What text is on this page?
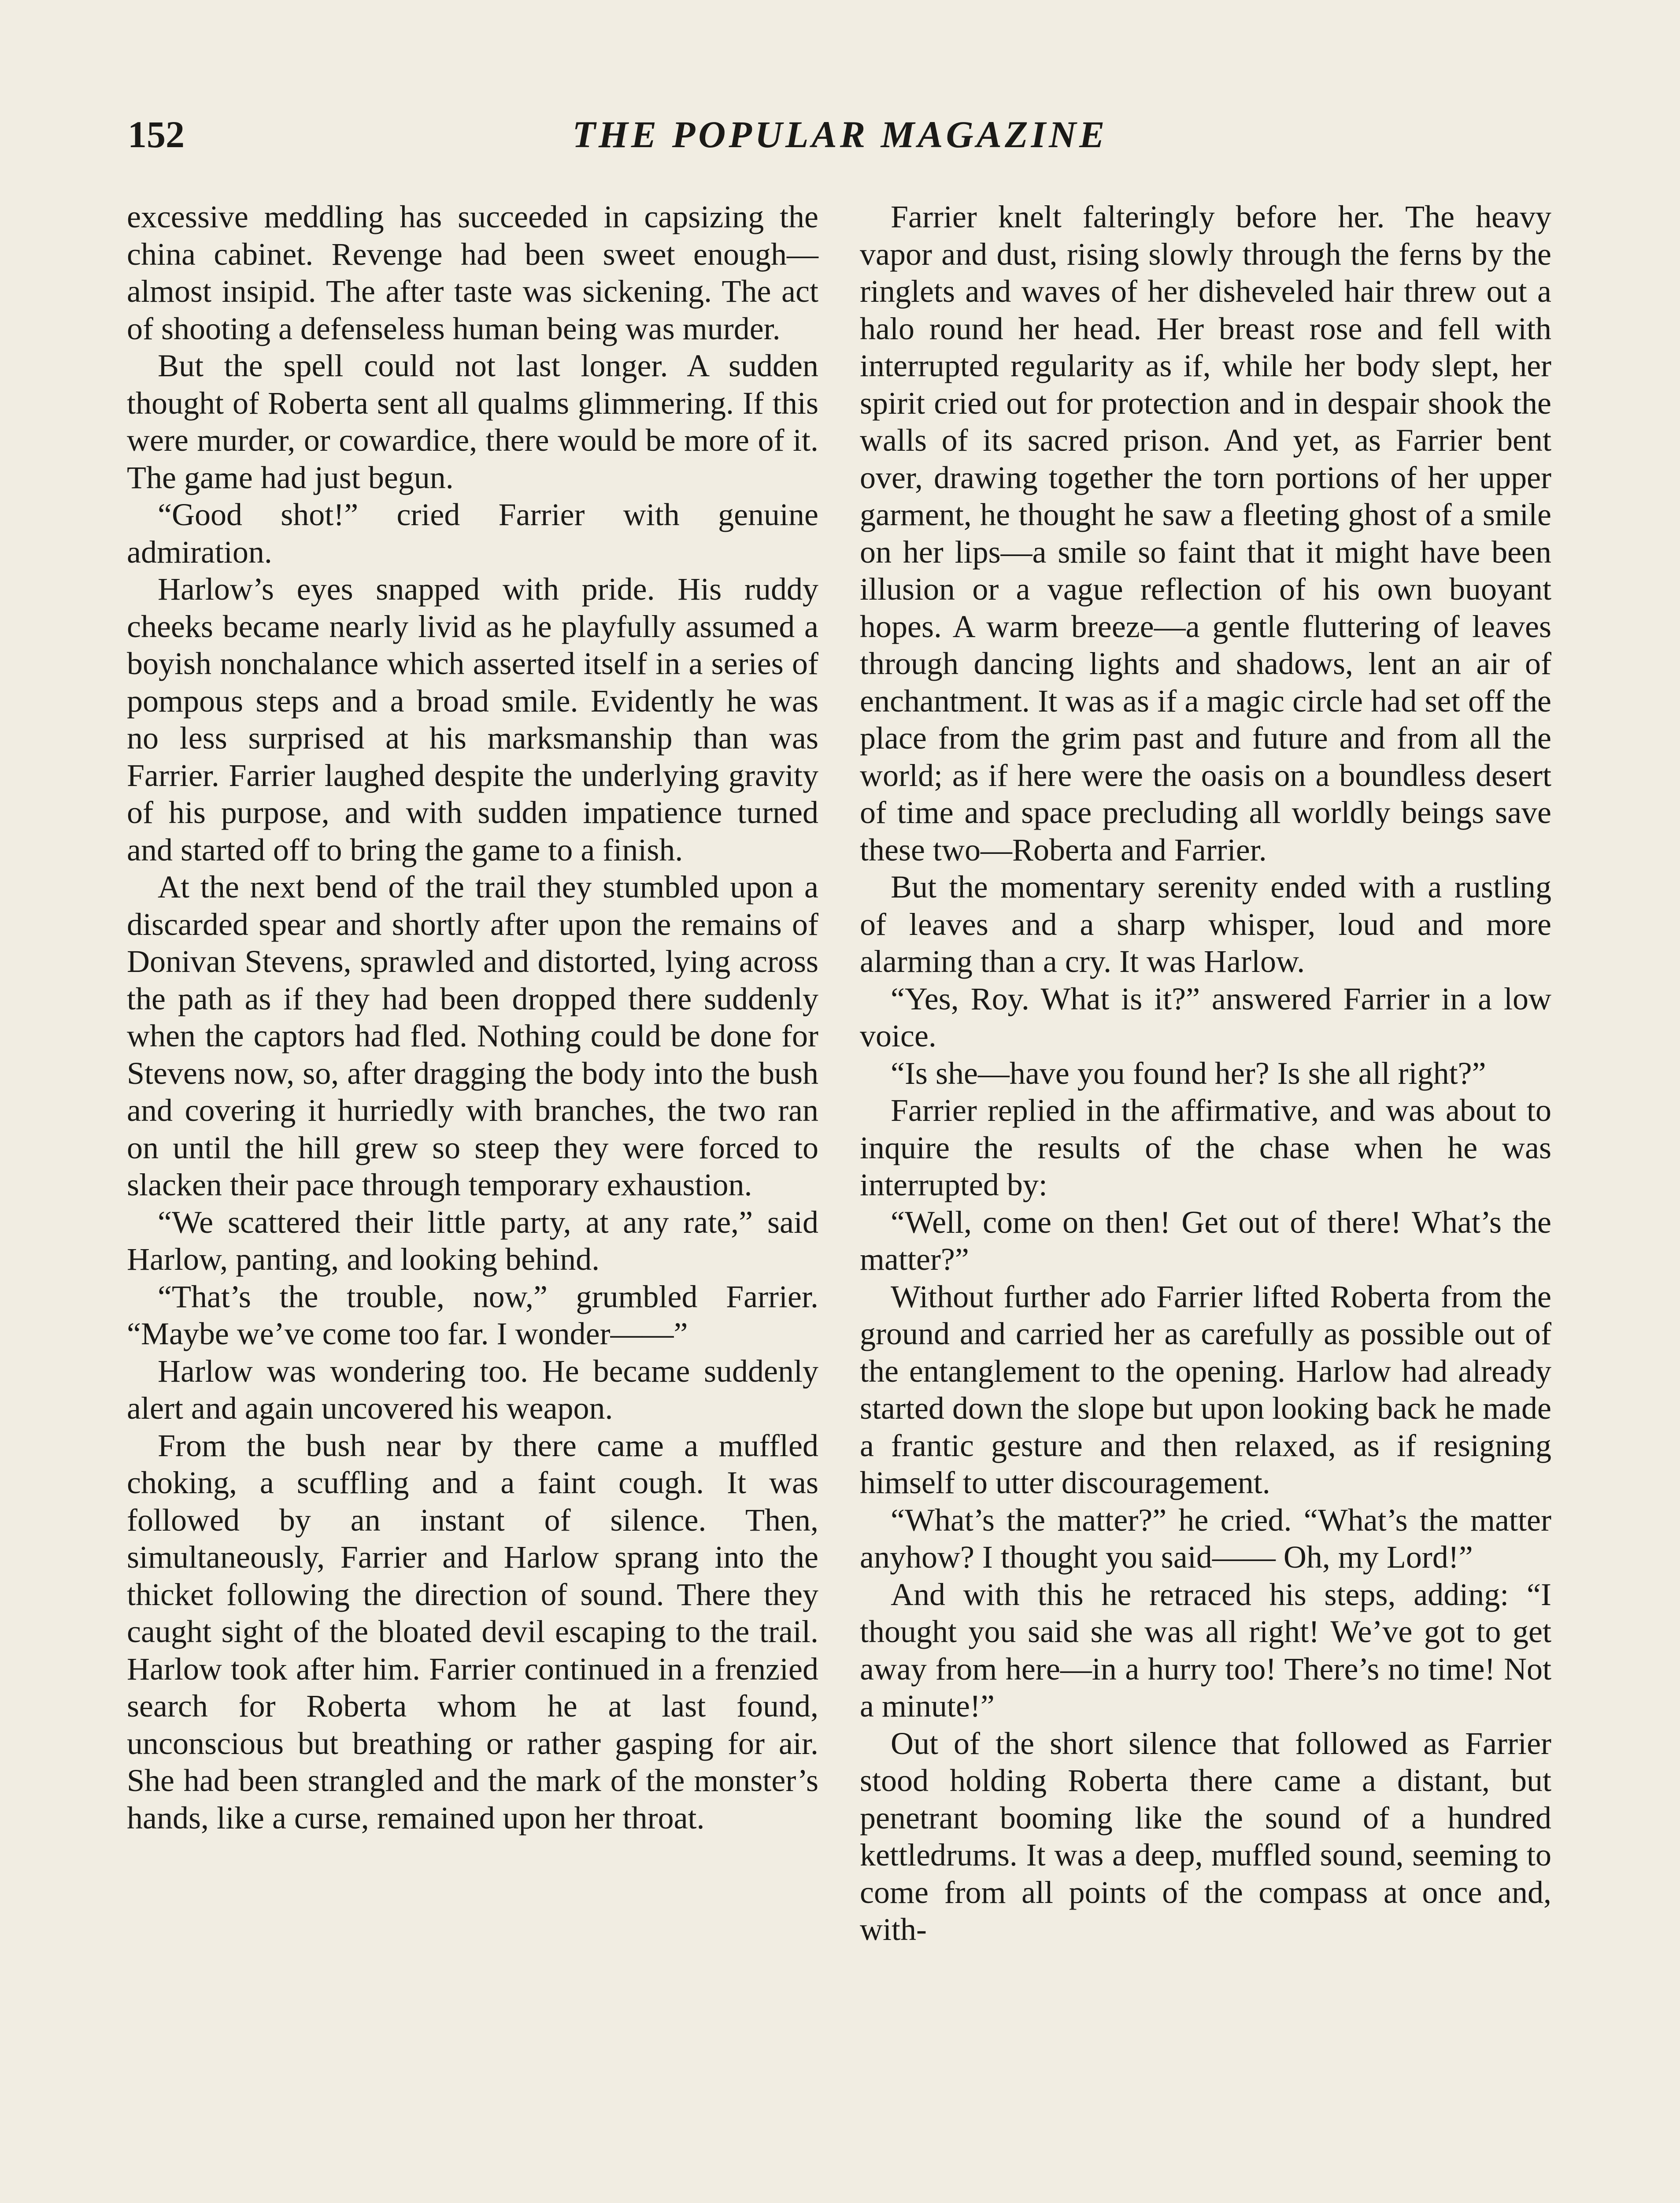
152	THE POPULAR MAGAZINE

excessive meddling has succeeded in capsizing the china cabinet. Revenge had been sweet enough—almost insipid. The after taste was sickening. The act of shooting a defenseless human being was murder.

But the spell could not last longer. A sudden thought of Roberta sent all qualms glimmering. If this were murder, or cowardice, there would be more of it. The game had just begun.

“Good shot!” cried Farrier with genuine admiration.

Harlow’s eyes snapped with pride. His ruddy cheeks became nearly livid as he playfully assumed a boyish nonchalance which asserted itself in a series of pompous steps and a broad smile. Evidently he was no less surprised at his marksmanship than was Farrier. Farrier laughed despite the underlying gravity of his purpose, and with sudden impatience turned and started off to bring the game to a finish.

At the next bend of the trail they stumbled upon a discarded spear and shortly after upon the remains of Donivan Stevens, sprawled and distorted, lying across the path as if they had been dropped there suddenly when the captors had fled. Nothing could be done for Stevens now, so, after dragging the body into the bush and covering it hurriedly with branches, the two ran on until the hill grew so steep they were forced to slacken their pace through temporary exhaustion.

“We scattered their little party, at any rate,” said Harlow, panting, and looking behind.

“That’s the trouble, now,” grumbled Farrier. “Maybe we’ve come too far. I wonder——”

Harlow was wondering too. He became suddenly alert and again uncovered his weapon.

From the bush near by there came a muffled choking, a scuffling and a faint cough. It was followed by an instant of silence. Then, simultaneously, Farrier and Harlow sprang into the thicket following the direction of sound. There they caught sight of the bloated devil escaping to the trail. Harlow took after him. Farrier continued in a frenzied search for Roberta whom he at last found, unconscious but breathing or rather gasping for air. She had been strangled and the mark of the monster’s hands, like a curse, remained upon her throat.

Farrier knelt falteringly before her. The heavy vapor and dust, rising slowly through the ferns by the ringlets and waves of her disheveled hair threw out a halo round her head. Her breast rose and fell with interrupted regularity as if, while her body slept, her spirit cried out for protection and in despair shook the walls of its sacred prison. And yet, as Farrier bent over, drawing together the torn portions of her upper garment, he thought he saw a fleeting ghost of a smile on her lips—a smile so faint that it might have been illusion or a vague reflection of his own buoyant hopes. A warm breeze—a gentle fluttering of leaves through dancing lights and shadows, lent an air of enchantment. It was as if a magic circle had set off the place from the grim past and future and from all the world; as if here were the oasis on a boundless desert of time and space precluding all worldly beings save these two—Roberta and Farrier.

But the momentary serenity ended with a rustling of leaves and a sharp whisper, loud and more alarming than a cry. It was Harlow.

“Yes, Roy. What is it?” answered Farrier in a low voice.

“Is she—have you found her? Is she all right?”

Farrier replied in the affirmative, and was about to inquire the results of the chase when he was interrupted by:

“Well, come on then! Get out of there! What’s the matter?”

Without further ado Farrier lifted Roberta from the ground and carried her as carefully as possible out of the entanglement to the opening. Harlow had already started down the slope but upon looking back he made a frantic gesture and then relaxed, as if resigning himself to utter discouragement.

“What’s the matter?” he cried. “What’s the matter anyhow? I thought you said—— Oh, my Lord!”

And with this he retraced his steps, adding: “I thought you said she was all right! We’ve got to get away from here—in a hurry too! There’s no time! Not a minute!”

Out of the short silence that followed as Farrier stood holding Roberta there came a distant, but penetrant booming like the sound of a hundred kettledrums. It was a deep, muffled sound, seeming to come from all points of the compass at once and, with-
